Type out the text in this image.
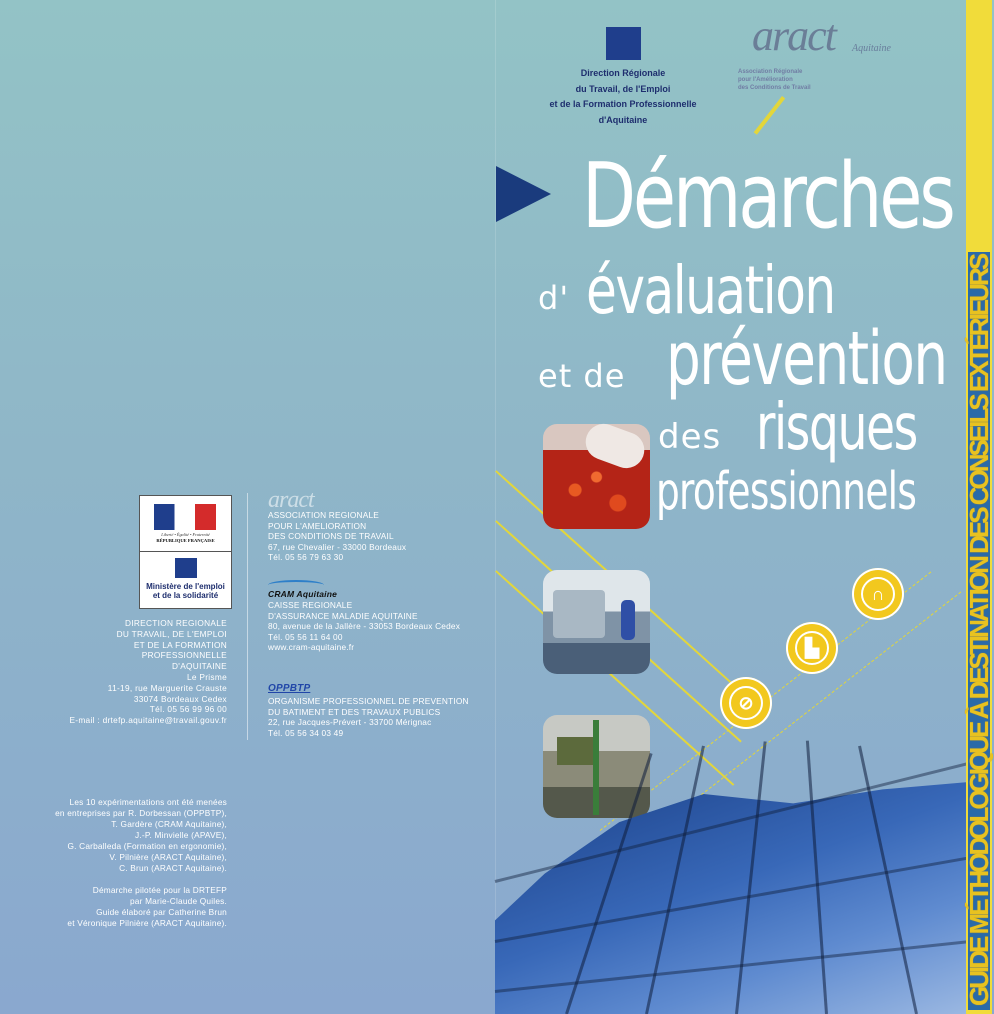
Liberté • Égalité • Fraternité
RÉPUBLIQUE FRANÇAISE
Ministère de l'emploi
et de la solidarité
DIRECTION REGIONALE
DU TRAVAIL, DE L'EMPLOI
ET DE LA FORMATION
PROFESSIONNELLE
D'AQUITAINE
Le Prisme
11-19, rue Marguerite Crauste
33074 Bordeaux Cedex
Tél. 05 56 99 96 00
E-mail : drtefp.aquitaine@travail.gouv.fr
aract
ASSOCIATION REGIONALE
POUR L'AMELIORATION
DES CONDITIONS DE TRAVAIL
67, rue Chevalier - 33000 Bordeaux
Tél. 05 56 79 63 30
CRAM Aquitaine
CAISSE REGIONALE
D'ASSURANCE MALADIE AQUITAINE
80, avenue de la Jallère - 33053 Bordeaux Cedex
Tél. 05 56 11 64 00
www.cram-aquitaine.fr
OPPBTP
ORGANISME PROFESSIONNEL DE PREVENTION
DU BATIMENT ET DES TRAVAUX PUBLICS
22, rue Jacques-Prévert - 33700 Mérignac
Tél. 05 56 34 03 49
Les 10 expérimentations ont été menées
en entreprises par R. Dorbessan (OPPBTP),
T. Gardère (CRAM Aquitaine),
J.-P. Minvielle (APAVE),
G. Carballeda (Formation en ergonomie),
V. Pilnière (ARACT Aquitaine),
C. Brun (ARACT Aquitaine).
Démarche pilotée pour la DRTEFP
par Marie-Claude Quiles.
Guide élaboré par Catherine Brun
et Véronique Pilnière (ARACT Aquitaine).
Direction Régionale
du Travail, de l'Emploi
et de la Formation Professionnelle
d'Aquitaine
aract Aquitaine
Association Régionale
pour l'Amélioration
des Conditions de Travail
Démarches
d' évaluation
et de prévention
des risques
professionnels
∩
▙
⊘	GUIDE MÉTHODOLOGIQUE À DESTINATION DES CONSEILS EXTÉRIEURS
